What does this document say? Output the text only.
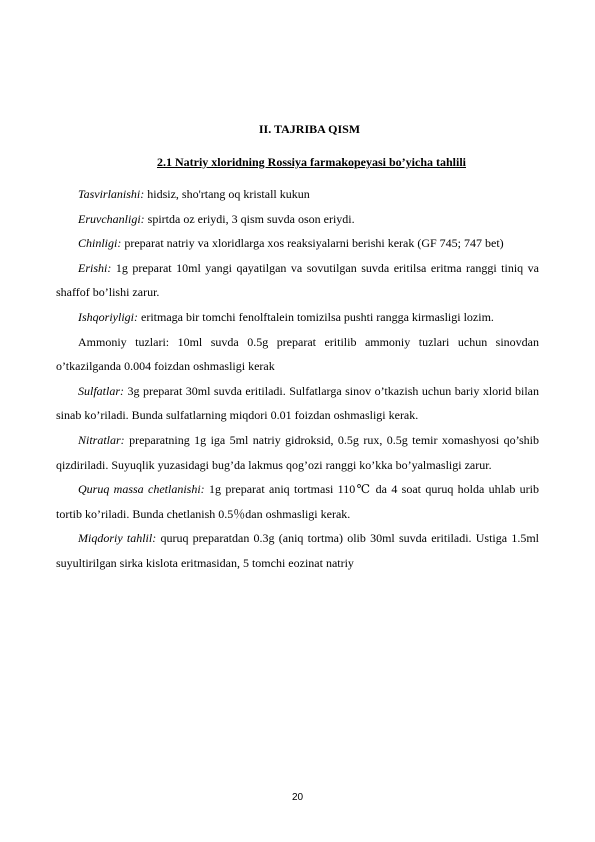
II. TAJRIBA QISM
2.1 Natriy xloridning Rossiya farmakopeyasi bo’yicha tahlili

Tasvirlanishi: hidsiz, sho'rtang oq kristall kukun

Eruvchanligi: spirtda oz eriydi, 3 qism suvda oson eriydi.

Chinligi: preparat natriy va xloridlarga xos reaksiyalarni berishi kerak (GF 745; 747 bet)

Erishi: 1g preparat 10ml yangi qayatilgan va sovutilgan suvda eritilsa eritma ranggi tiniq va shaffof bo’lishi zarur.

Ishqoriyligi: eritmaga bir tomchi fenolftalein tomizilsa pushti rangga kirmasligi lozim.

Ammoniy tuzlari: 10ml suvda 0.5g preparat eritilib ammoniy tuzlari uchun sinovdan o’tkazilganda 0.004 foizdan oshmasligi kerak

Sulfatlar: 3g preparat 30ml suvda eritiladi. Sulfatlarga sinov o’tkazish uchun bariy xlorid bilan sinab ko’riladi. Bunda sulfatlarning miqdori 0.01 foizdan oshmasligi kerak.

Nitratlar: preparatning 1g iga 5ml natriy gidroksid, 0.5g rux, 0.5g temir xomashyosi qo’shib qizdiriladi. Suyuqlik yuzasidagi bug’da lakmus qog’ozi ranggi ko’kka bo’yalmasligi zarur.

Quruq massa chetlanishi: 1g preparat aniq tortmasi 110℃ da 4 soat quruq holda uhlab urib tortib ko’riladi. Bunda chetlanish 0.5％dan oshmasligi kerak.

Miqdoriy tahlil: quruq preparatdan 0.3g (aniq tortma) olib 30ml suvda eritiladi. Ustiga 1.5ml suyultirilgan sirka kislota eritmasidan, 5 tomchi eozinat natriy

20
